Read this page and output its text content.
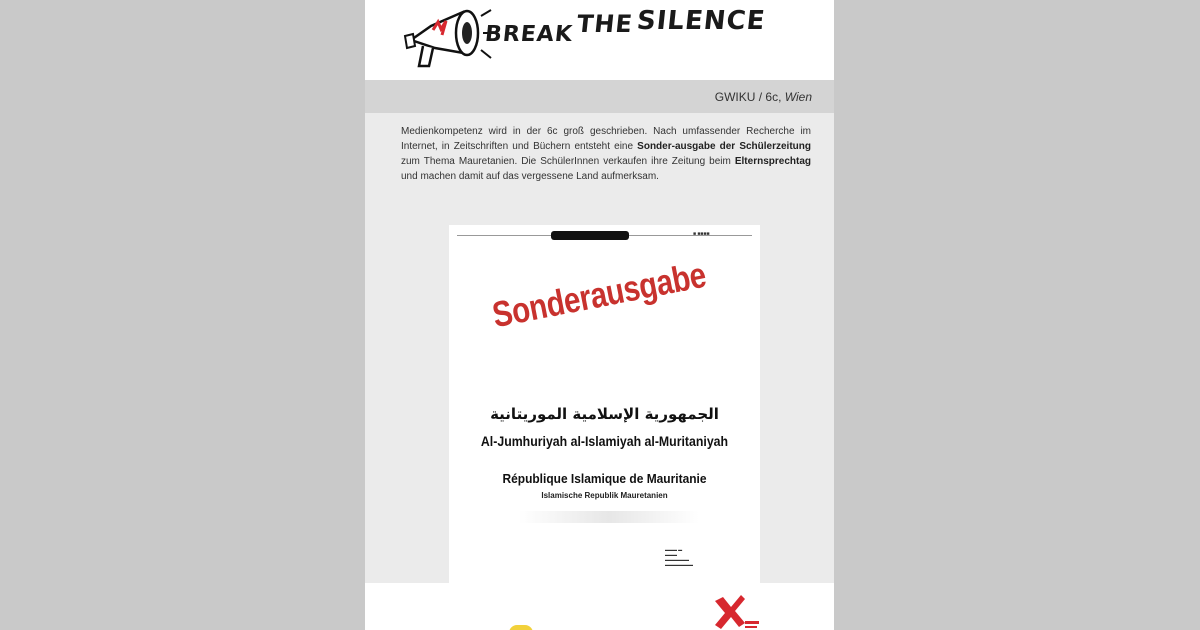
BREAK THE SILENCE
GWIKU / 6c, Wien
Medienkompetenz wird in der 6c groß geschrieben. Nach umfassender Recherche im Internet, in Zeitschriften und Büchern entsteht eine Sonder-ausgabe der Schülerzeitung zum Thema Mauretanien. Die SchülerInnen verkaufen ihre Zeitung beim Elternsprechtag und machen damit auf das vergessene Land aufmerksam.
■ ■■■■
Sonderausgabe
الجمهورية الإسلامية الموريتانية
Al-Jumhuriyah al-Islamiyah al-Muritaniyah
République Islamique de Mauritanie
Islamische Republik Mauretanien
▬▬▬ ▬
▬▬▬
▬▬▬▬▬▬
▬▬▬▬▬▬▬
